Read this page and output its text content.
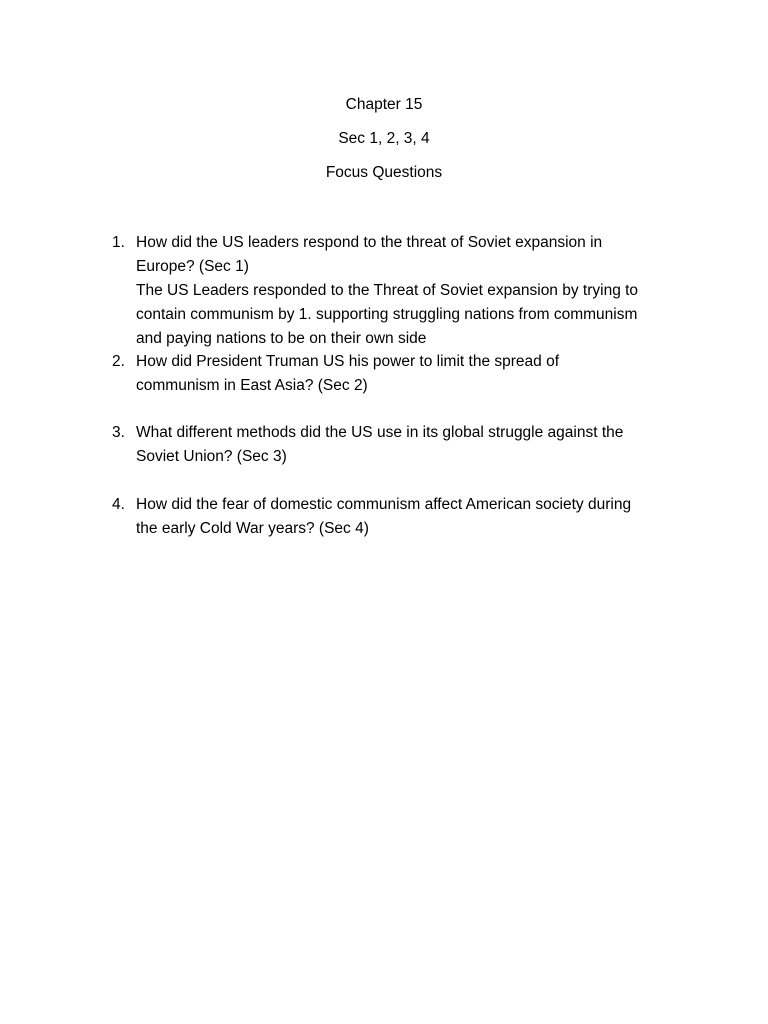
Chapter 15
Sec 1, 2, 3, 4
Focus Questions
1. How did the US leaders respond to the threat of Soviet expansion in
Europe? (Sec 1)
The US Leaders responded to the Threat of Soviet expansion by trying to
contain communism by 1. supporting struggling nations from communism
and paying nations to be on their own side
2. How did President Truman US his power to limit the spread of
communism in East Asia? (Sec 2)
3. What different methods did the US use in its global struggle against the
Soviet Union? (Sec 3)
4. How did the fear of domestic communism affect American society during
the early Cold War years? (Sec 4)
